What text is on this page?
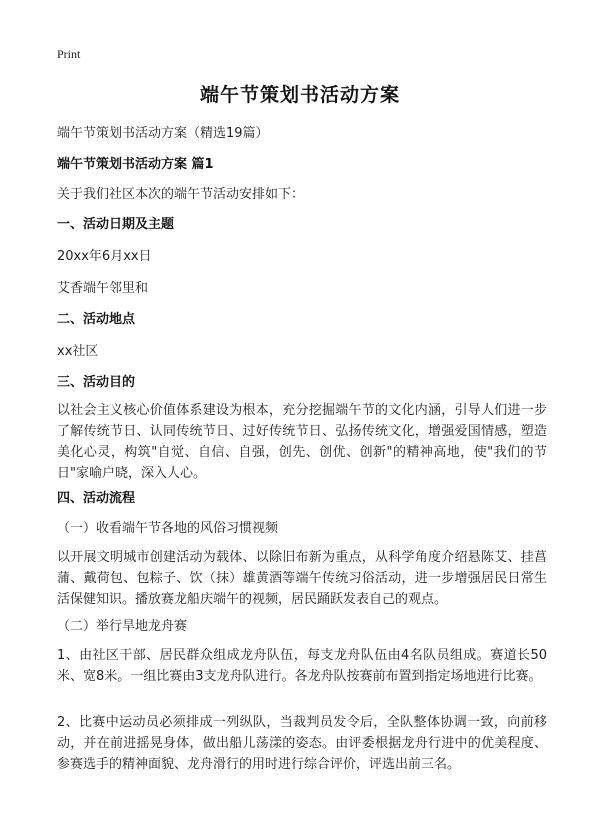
Print
端午节策划书活动方案

端午节策划书活动方案（精选19篇）

端午节策划书活动方案 篇1

关于我们社区本次的端午节活动安排如下：

一、活动日期及主题

20xx年6月xx日

艾香端午邻里和

二、活动地点

xx社区

三、活动目的

以社会主义核心价值体系建设为根本，充分挖掘端午节的文化内涵，引导人们进一步了解传统节日、认同传统节日、过好传统节日、弘扬传统文化，增强爱国情感，塑造美化心灵，构筑"自觉、自信、自强，创先、创优、创新"的精神高地，使"我们的节日"家喻户晓，深入人心。

四、活动流程

（一）收看端午节各地的风俗习惯视频

以开展文明城市创建活动为载体、以除旧布新为重点，从科学角度介绍悬陈艾、挂菖蒲、戴荷包、包粽子、饮（抹）雄黄酒等端午传统习俗活动，进一步增强居民日常生活保健知识。播放赛龙船庆端午的视频，居民踊跃发表自己的观点。

（二）举行旱地龙舟赛

1、由社区干部、居民群众组成龙舟队伍，每支龙舟队伍由4名队员组成。赛道长50米、宽8米。一组比赛由3支龙舟队进行。各龙舟队按赛前布置到指定场地进行比赛。

2、比赛中运动员必须排成一列纵队，当裁判员发令后，全队整体协调一致，向前移动，并在前进摇晃身体，做出船儿荡漾的姿态。由评委根据龙舟行进中的优美程度、参赛选手的精神面貌、龙舟滑行的用时进行综合评价，评选出前三名。
